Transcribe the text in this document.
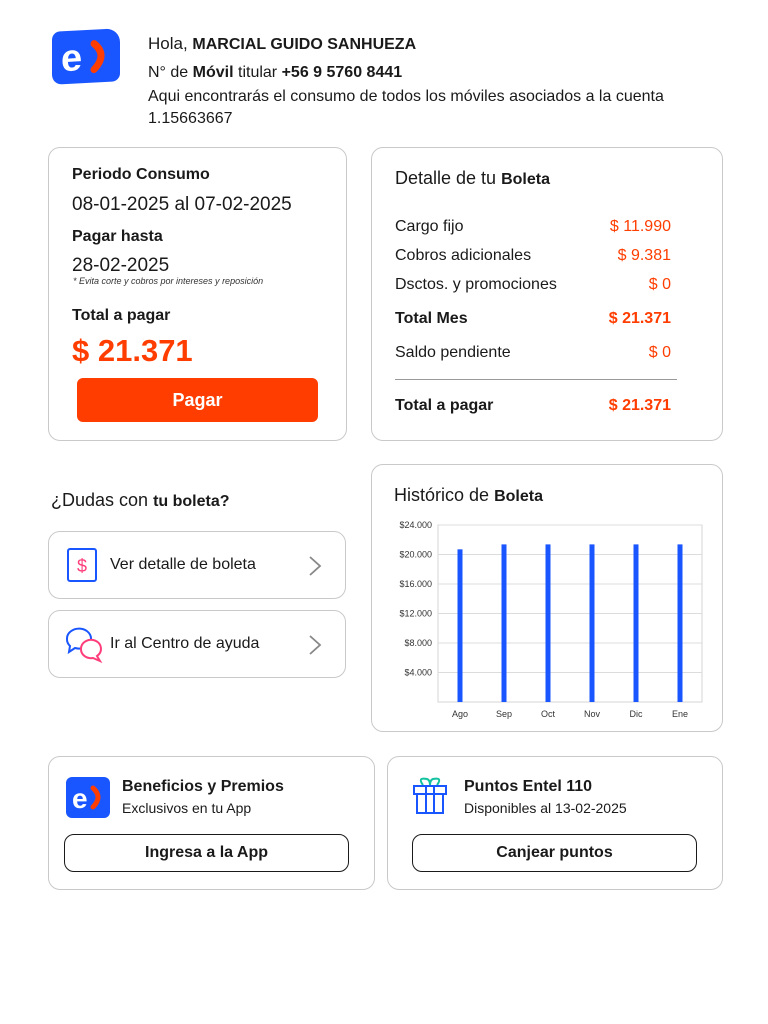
e	Hola, MARCIAL GUIDO SANHUEZA
N° de Móvil titular +56 9 5760 8441
Aqui encontrarás el consumo de todos los móviles asociados a la cuenta 1.15663667
Periodo Consumo
08-01-2025 al 07-02-2025
Pagar hasta
28-02-2025
* Evita corte y cobros por intereses y reposición
Total a pagar
$ 21.371
Pagar
Detalle de tu Boleta
Cargo fijo	$ 11.990
Cobros adicionales	$ 9.381
Dsctos. y promociones	$ 0
Total Mes	$ 21.371
Saldo pendiente	$ 0
Total a pagar	$ 21.371
¿Dudas con tu boleta?
$ Ver detalle de boleta
Ir al Centro de ayuda
Histórico de Boleta
$4.000
$8.000
$12.000
$16.000
$20.000
$24.000
Ago	Sep	Oct	Nov	Dic	Ene
e Beneficios y Premios
Exclusivos en tu App
Ingresa a la App
Puntos Entel 110
Disponibles al 13-02-2025
Canjear puntos
